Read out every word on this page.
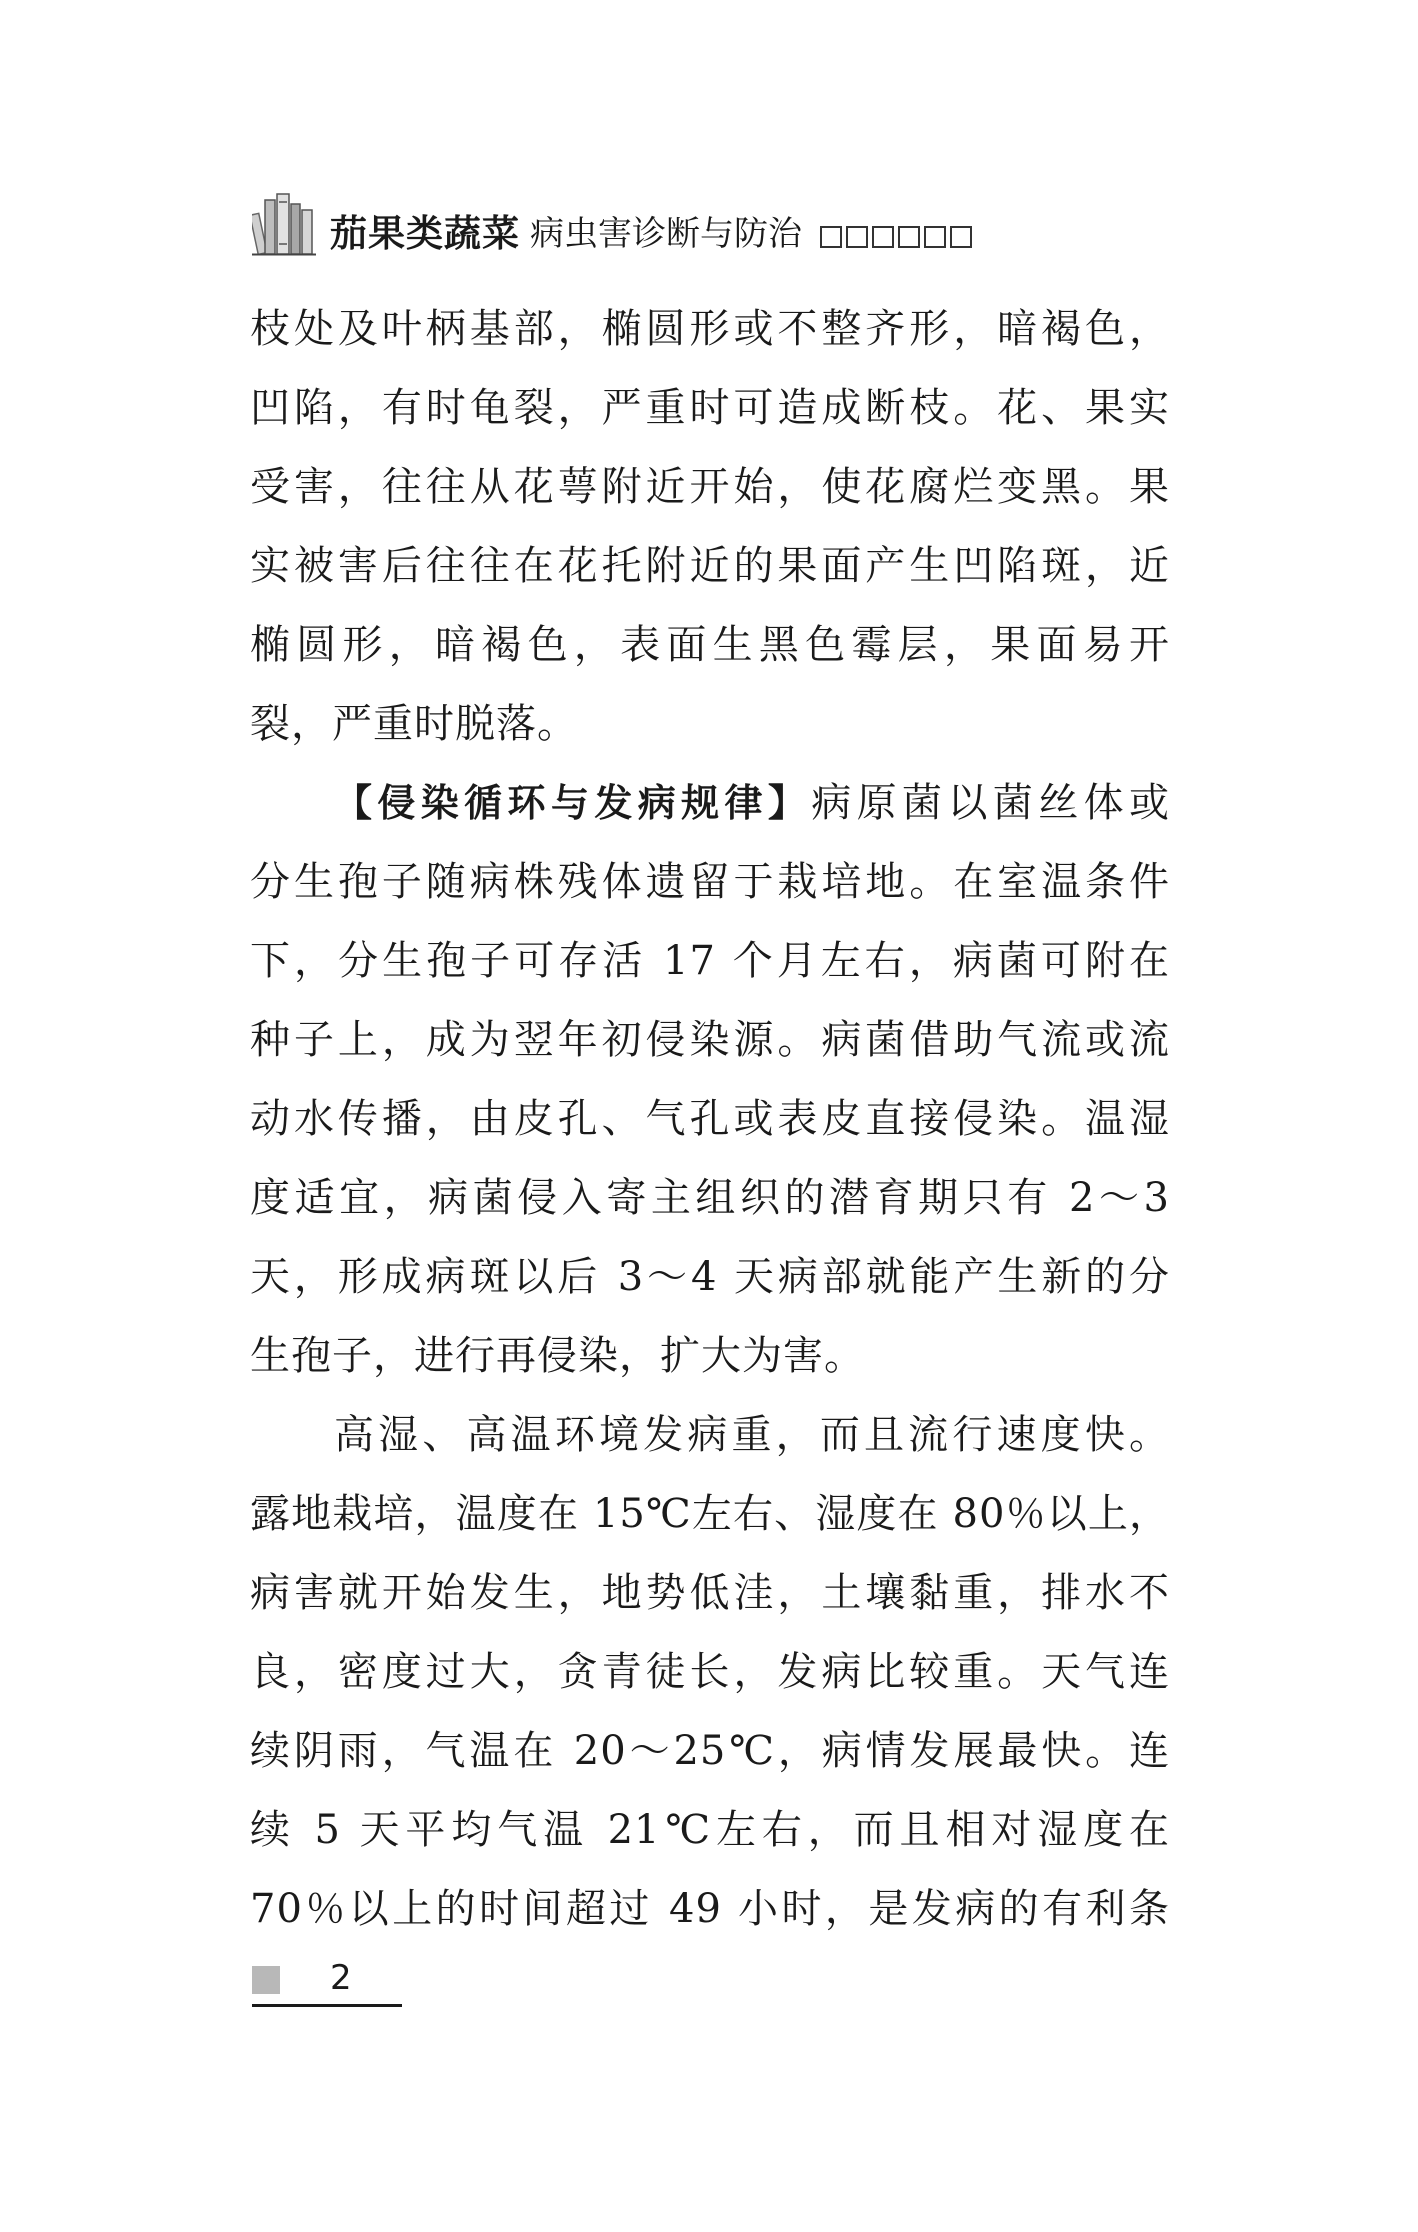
茄果类蔬菜 病虫害诊断与防治
枝处及叶柄基部，椭圆形或不整齐形，暗褐色，
凹陷，有时龟裂，严重时可造成断枝。花、果实
受害，往往从花萼附近开始，使花腐烂变黑。果
实被害后往往在花托附近的果面产生凹陷斑，近
椭圆形，暗褐色，表面生黑色霉层，果面易开
裂，严重时脱落。
【侵染循环与发病规律】病原菌以菌丝体或
分生孢子随病株残体遗留于栽培地。在室温条件
下，分生孢子可存活 17 个月左右，病菌可附在
种子上，成为翌年初侵染源。病菌借助气流或流
动水传播，由皮孔、气孔或表皮直接侵染。温湿
度适宜，病菌侵入寄主组织的潜育期只有 2～3
天，形成病斑以后 3～4 天病部就能产生新的分
生孢子，进行再侵染，扩大为害。
高湿、高温环境发病重，而且流行速度快。
露地栽培，温度在 15℃左右、湿度在 80％以上，
病害就开始发生，地势低洼，土壤黏重，排水不
良，密度过大，贪青徒长，发病比较重。天气连
续阴雨，气温在 20～25℃，病情发展最快。连
续 5 天平均气温 21℃左右，而且相对湿度在
70％以上的时间超过 49 小时，是发病的有利条
2
